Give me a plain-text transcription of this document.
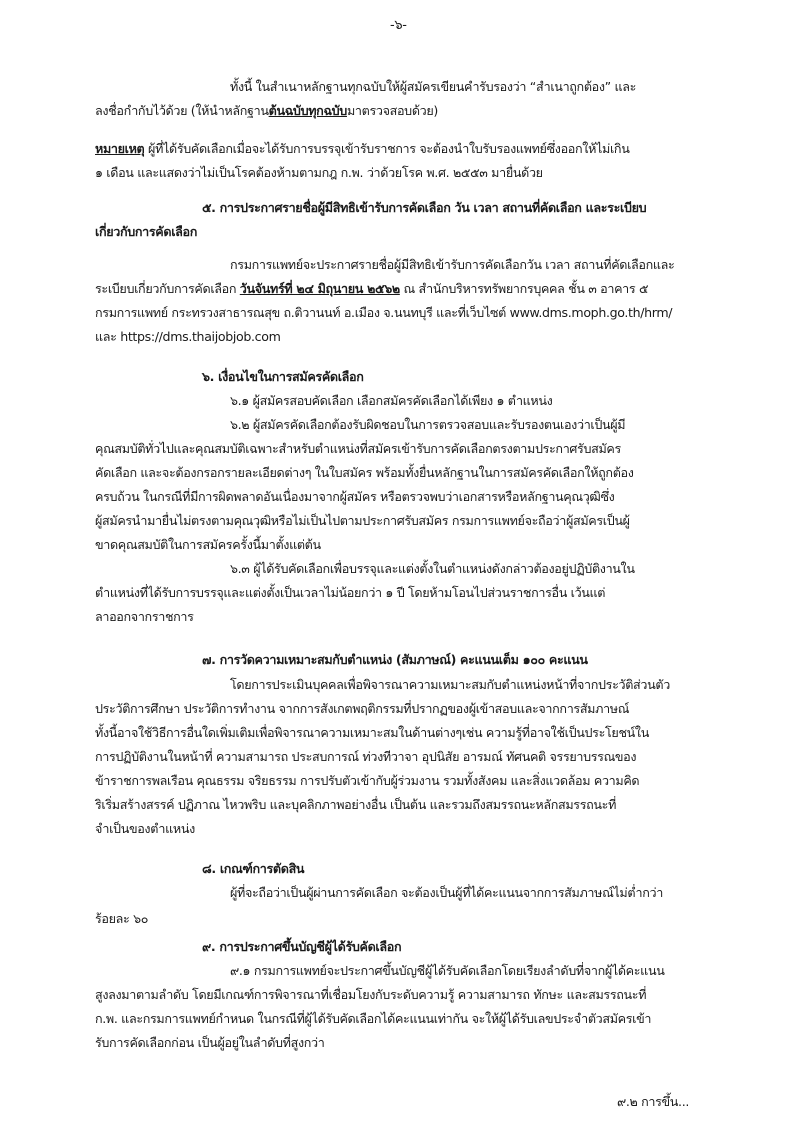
-๖-
ทั้งนี้ ในสำเนาหลักฐานทุกฉบับให้ผู้สมัครเขียนคำรับรองว่า “สำเนาถูกต้อง” และ
ลงชื่อกำกับไว้ด้วย (ให้นำหลักฐานต้นฉบับทุกฉบับมาตรวจสอบด้วย)
หมายเหตุ ผู้ที่ได้รับคัดเลือกเมื่อจะได้รับการบรรจุเข้ารับราชการ จะต้องนำใบรับรองแพทย์ซึ่งออกให้ไม่เกิน
๑ เดือน และแสดงว่าไม่เป็นโรคต้องห้ามตามกฎ ก.พ. ว่าด้วยโรค พ.ศ. ๒๕๕๓ มายื่นด้วย
๕. การประกาศรายชื่อผู้มีสิทธิเข้ารับการคัดเลือก วัน เวลา สถานที่คัดเลือก และระเบียบ
เกี่ยวกับการคัดเลือก
กรมการแพทย์จะประกาศรายชื่อผู้มีสิทธิเข้ารับการคัดเลือกวัน เวลา สถานที่คัดเลือกและ
ระเบียบเกี่ยวกับการคัดเลือก วันจันทร์ที่ ๒๔ มิถุนายน ๒๕๖๒ ณ สำนักบริหารทรัพยากรบุคคล ชั้น ๓ อาคาร ๕
กรมการแพทย์ กระทรวงสาธารณสุข ถ.ติวานนท์ อ.เมือง จ.นนทบุรี และที่เว็บไซต์ www.dms.moph.go.th/hrm/
และ https://dms.thaijobjob.com
๖. เงื่อนไขในการสมัครคัดเลือก
๖.๑ ผู้สมัครสอบคัดเลือก เลือกสมัครคัดเลือกได้เพียง ๑ ตำแหน่ง
๖.๒ ผู้สมัครคัดเลือกต้องรับผิดชอบในการตรวจสอบและรับรองตนเองว่าเป็นผู้มี
คุณสมบัติทั่วไปและคุณสมบัติเฉพาะสำหรับตำแหน่งที่สมัครเข้ารับการคัดเลือกตรงตามประกาศรับสมัคร
คัดเลือก และจะต้องกรอกรายละเอียดต่างๆ ในใบสมัคร พร้อมทั้งยื่นหลักฐานในการสมัครคัดเลือกให้ถูกต้อง
ครบถ้วน ในกรณีที่มีการผิดพลาดอันเนื่องมาจากผู้สมัคร หรือตรวจพบว่าเอกสารหรือหลักฐานคุณวุฒิซึ่ง
ผู้สมัครนำมายื่นไม่ตรงตามคุณวุฒิหรือไม่เป็นไปตามประกาศรับสมัคร กรมการแพทย์จะถือว่าผู้สมัครเป็นผู้
ขาดคุณสมบัติในการสมัครครั้งนี้มาตั้งแต่ต้น
๖.๓ ผู้ได้รับคัดเลือกเพื่อบรรจุและแต่งตั้งในตำแหน่งดังกล่าวต้องอยู่ปฏิบัติงานใน
ตำแหน่งที่ได้รับการบรรจุและแต่งตั้งเป็นเวลาไม่น้อยกว่า ๑ ปี โดยห้ามโอนไปส่วนราชการอื่น เว้นแต่
ลาออกจากราชการ
๗. การวัดความเหมาะสมกับตำแหน่ง (สัมภาษณ์) คะแนนเต็ม ๑๐๐ คะแนน
โดยการประเมินบุคคลเพื่อพิจารณาความเหมาะสมกับตำแหน่งหน้าที่จากประวัติส่วนตัว
ประวัติการศึกษา ประวัติการทำงาน จากการสังเกตพฤติกรรมที่ปรากฏของผู้เข้าสอบและจากการสัมภาษณ์
ทั้งนี้อาจใช้วิธีการอื่นใดเพิ่มเติมเพื่อพิจารณาความเหมาะสมในด้านต่างๆเช่น ความรู้ที่อาจใช้เป็นประโยชน์ใน
การปฏิบัติงานในหน้าที่ ความสามารถ ประสบการณ์ ท่วงทีวาจา อุปนิสัย อารมณ์ ทัศนคติ จรรยาบรรณของ
ข้าราชการพลเรือน คุณธรรม จริยธรรม การปรับตัวเข้ากับผู้ร่วมงาน รวมทั้งสังคม และสิ่งแวดล้อม ความคิด
ริเริ่มสร้างสรรค์ ปฏิภาณ ไหวพริบ และบุคลิกภาพอย่างอื่น เป็นต้น และรวมถึงสมรรถนะหลักสมรรถนะที่
จำเป็นของตำแหน่ง
๘. เกณฑ์การตัดสิน
ผู้ที่จะถือว่าเป็นผู้ผ่านการคัดเลือก จะต้องเป็นผู้ที่ได้คะแนนจากการสัมภาษณ์ไม่ต่ำกว่า
ร้อยละ ๖๐
๙. การประกาศขึ้นบัญชีผู้ได้รับคัดเลือก
๙.๑ กรมการแพทย์จะประกาศขึ้นบัญชีผู้ได้รับคัดเลือกโดยเรียงลำดับที่จากผู้ได้คะแนน
สูงลงมาตามลำดับ โดยมีเกณฑ์การพิจารณาที่เชื่อมโยงกับระดับความรู้ ความสามารถ ทักษะ และสมรรถนะที่
ก.พ. และกรมการแพทย์กำหนด ในกรณีที่ผู้ได้รับคัดเลือกได้คะแนนเท่ากัน จะให้ผู้ได้รับเลขประจำตัวสมัครเข้า
รับการคัดเลือกก่อน เป็นผู้อยู่ในลำดับที่สูงกว่า
๙.๒ การขึ้น...
